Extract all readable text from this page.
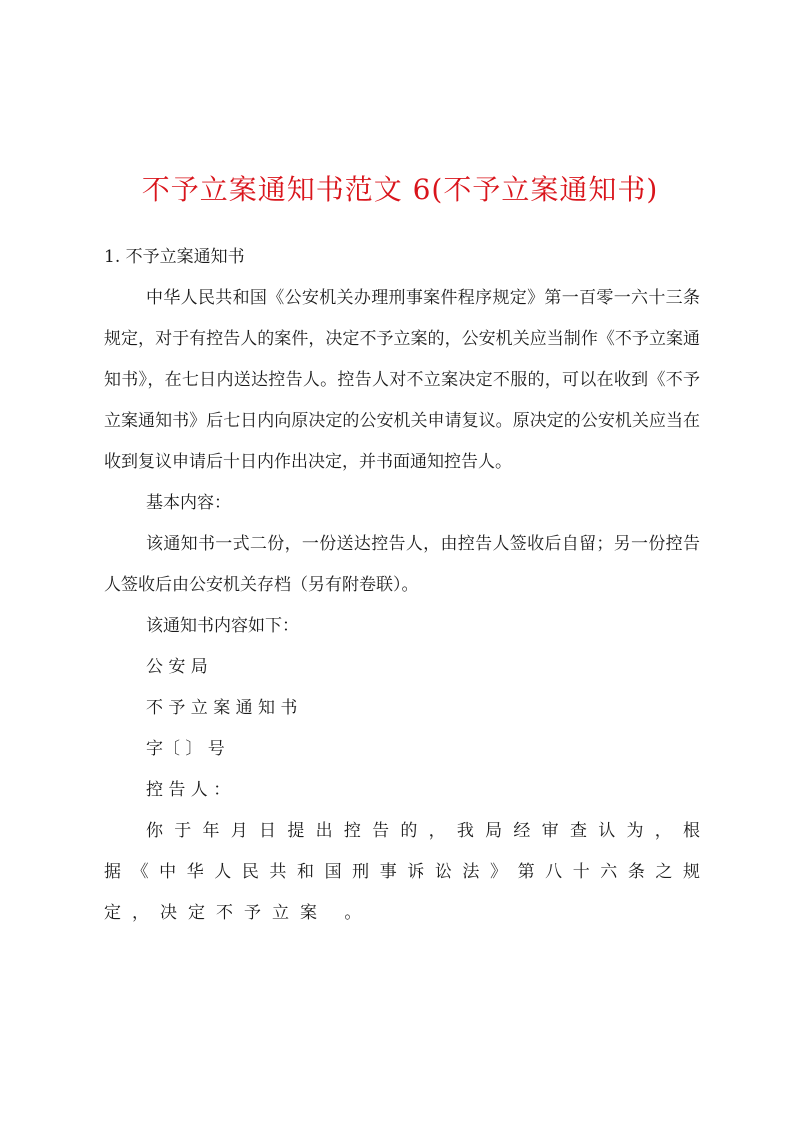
不予立案通知书范文 6(不予立案通知书)

1. 不予立案通知书

中华人民共和国《公安机关办理刑事案件程序规定》第一百零一六十三条规定，对于有控告人的案件，决定不予立案的，公安机关应当制作《不予立案通知书》，在七日内送达控告人。控告人对不立案决定不服的，可以在收到《不予立案通知书》后七日内向原决定的公安机关申请复议。原决定的公安机关应当在收到复议申请后十日内作出决定，并书面通知控告人。

基本内容：

该通知书一式二份，一份送达控告人，由控告人签收后自留；另一份控告人签收后由公安机关存档（另有附卷联）。

该通知书内容如下：

公 安 局

不 予 立 案 通 知 书

字〔 〕 号

控 告 人 ：

你于年月日提出控告的，我局经审查认为，根

据《中华人民共和国刑事诉讼法》第八十六条之规

定，决定不予立案 。
